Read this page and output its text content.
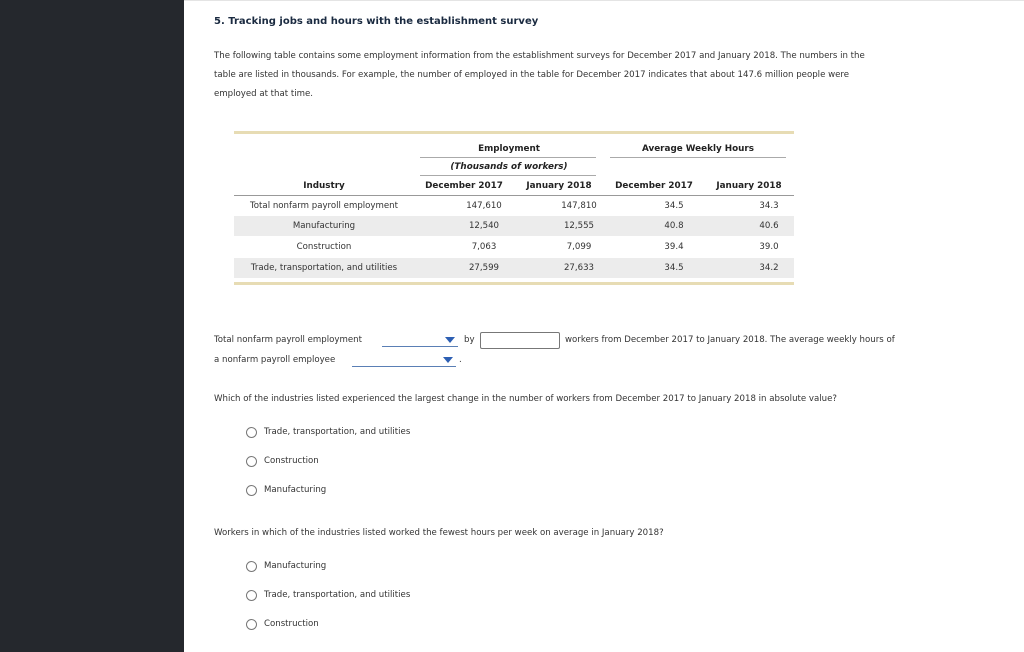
5. Tracking jobs and hours with the establishment survey
The following table contains some employment information from the establishment surveys for December 2017 and January 2018. The numbers in the
table are listed in thousands. For example, the number of employed in the table for December 2017 indicates that about 147.6 million people were
employed at that time.
Employment	Average Weekly Hours
(Thousands of workers)
Industry	December 2017	January 2018	December 2017	January 2018
Total nonfarm payroll employment	147,610	147,810	34.5	34.3
Manufacturing	12,540	12,555	40.8	40.6
Construction	7,063	7,099	39.4	39.0
Trade, transportation, and utilities	27,599	27,633	34.5	34.2
Total nonfarm payroll employment	by	workers from December 2017 to January 2018. The average weekly hours of
a nonfarm payroll employee	.
Which of the industries listed experienced the largest change in the number of workers from December 2017 to January 2018 in absolute value?
Trade, transportation, and utilities
Construction
Manufacturing
Workers in which of the industries listed worked the fewest hours per week on average in January 2018?
Manufacturing
Trade, transportation, and utilities
Construction
